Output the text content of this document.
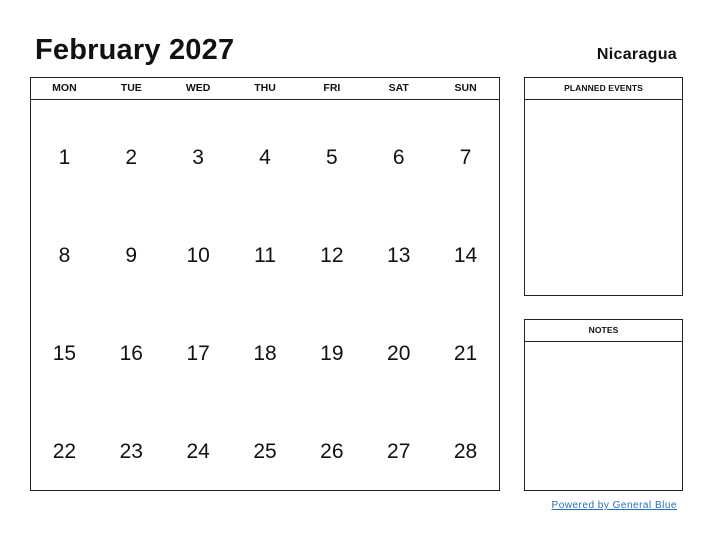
February 2027	Nicaragua
MON	TUE	WED	THU	FRI	SAT	SUN
1	2	3	4	5	6	7
8	9	10	11	12	13	14
15	16	17	18	19	20	21
22	23	24	25	26	27	28
PLANNED EVENTS
NOTES
Powered by General Blue
